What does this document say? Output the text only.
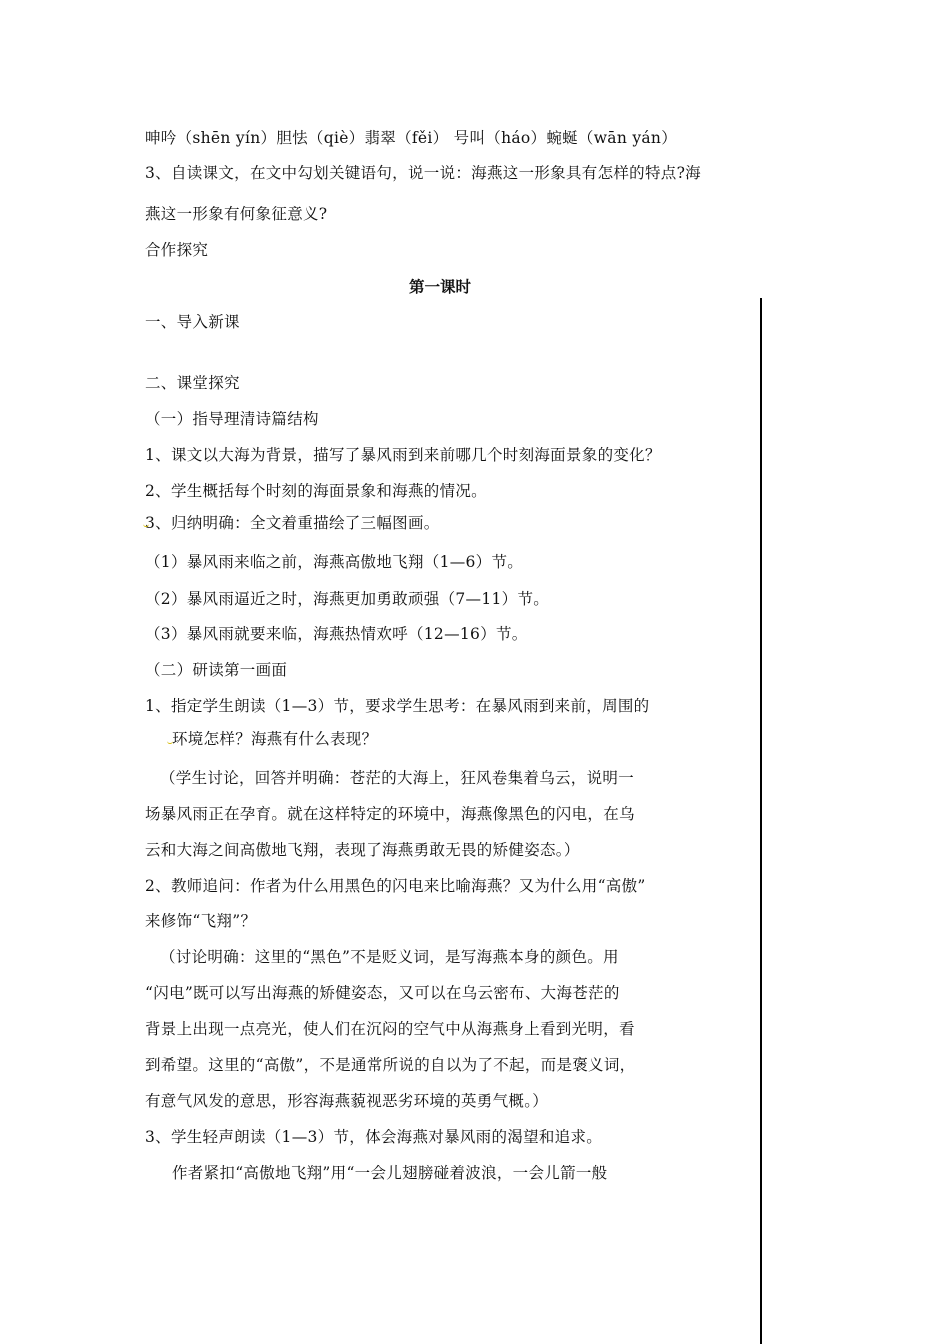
呻吟（shēn yín）胆怯（qiè）翡翠（fěi） 号叫（háo）蜿蜒（wān yán）
3、自读课文，在文中勾划关键语句，说一说：海燕这一形象具有怎样的特点?海
燕这一形象有何象征意义?
合作探究
一、导入新课
二、课堂探究
（一）指导理清诗篇结构
1、课文以大海为背景，描写了暴风雨到来前哪几个时刻海面景象的变化？
2、学生概括每个时刻的海面景象和海燕的情况。
3、归纳明确：全文着重描绘了三幅图画。
（1）暴风雨来临之前，海燕高傲地飞翔（1—6）节。
（2）暴风雨逼近之时，海燕更加勇敢顽强（7—11）节。
（3）暴风雨就要来临，海燕热情欢呼（12—16）节。
（二）研读第一画面
1、指定学生朗读（1—3）节，要求学生思考：在暴风雨到来前，周围的
环境怎样？海燕有什么表现？
（学生讨论，回答并明确：苍茫的大海上，狂风卷集着乌云，说明一
场暴风雨正在孕育。就在这样特定的环境中，海燕像黑色的闪电，在乌
云和大海之间高傲地飞翔，表现了海燕勇敢无畏的矫健姿态。）
2、教师追问：作者为什么用黑色的闪电来比喻海燕？又为什么用“高傲”
来修饰“飞翔”？
（讨论明确：这里的“黑色”不是贬义词，是写海燕本身的颜色。用
“闪电”既可以写出海燕的矫健姿态，又可以在乌云密布、大海苍茫的
背景上出现一点亮光，使人们在沉闷的空气中从海燕身上看到光明，看
到希望。这里的“高傲”，不是通常所说的自以为了不起，而是褒义词，
有意气风发的意思，形容海燕藐视恶劣环境的英勇气概。）
3、学生轻声朗读（1—3）节，体会海燕对暴风雨的渴望和追求。
作者紧扣“高傲地飞翔”用“一会儿翅膀碰着波浪，一会儿箭一般
第一课时
